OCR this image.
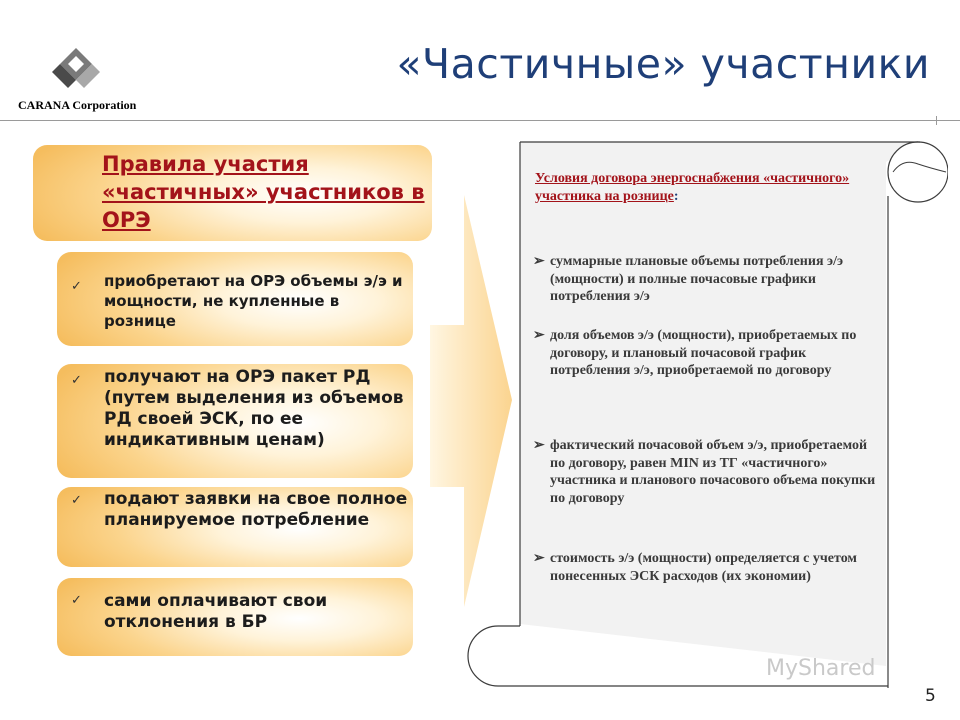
CARANA Corporation
«Частичные» участники
Правила участия «частичных» участников в ОРЭ
✓ приобретают на ОРЭ объемы э/э и мощности, не купленные в рознице
✓ получают на ОРЭ пакет РД (путем выделения из объемов РД своей ЭСК, по ее индикативным ценам)
✓ подают заявки на свое полное планируемое потребление
✓ сами оплачивают свои отклонения в БР
Условия договора энергоснабжения «частичного» участника на рознице:
➢ суммарные плановые объемы потребления э/э (мощности) и полные почасовые графики потребления э/э
➢ доля объемов э/э (мощности), приобретаемых по договору, и плановый почасовой график потребления э/э, приобретаемой по договору
➢ фактический почасовой объем э/э, приобретаемой по договору, равен MIN из ТГ «частичного» участника и планового почасового объема покупки по договору
➢ стоимость э/э (мощности) определяется с учетом понесенных ЭСК расходов (их экономии)
MyShared
5
